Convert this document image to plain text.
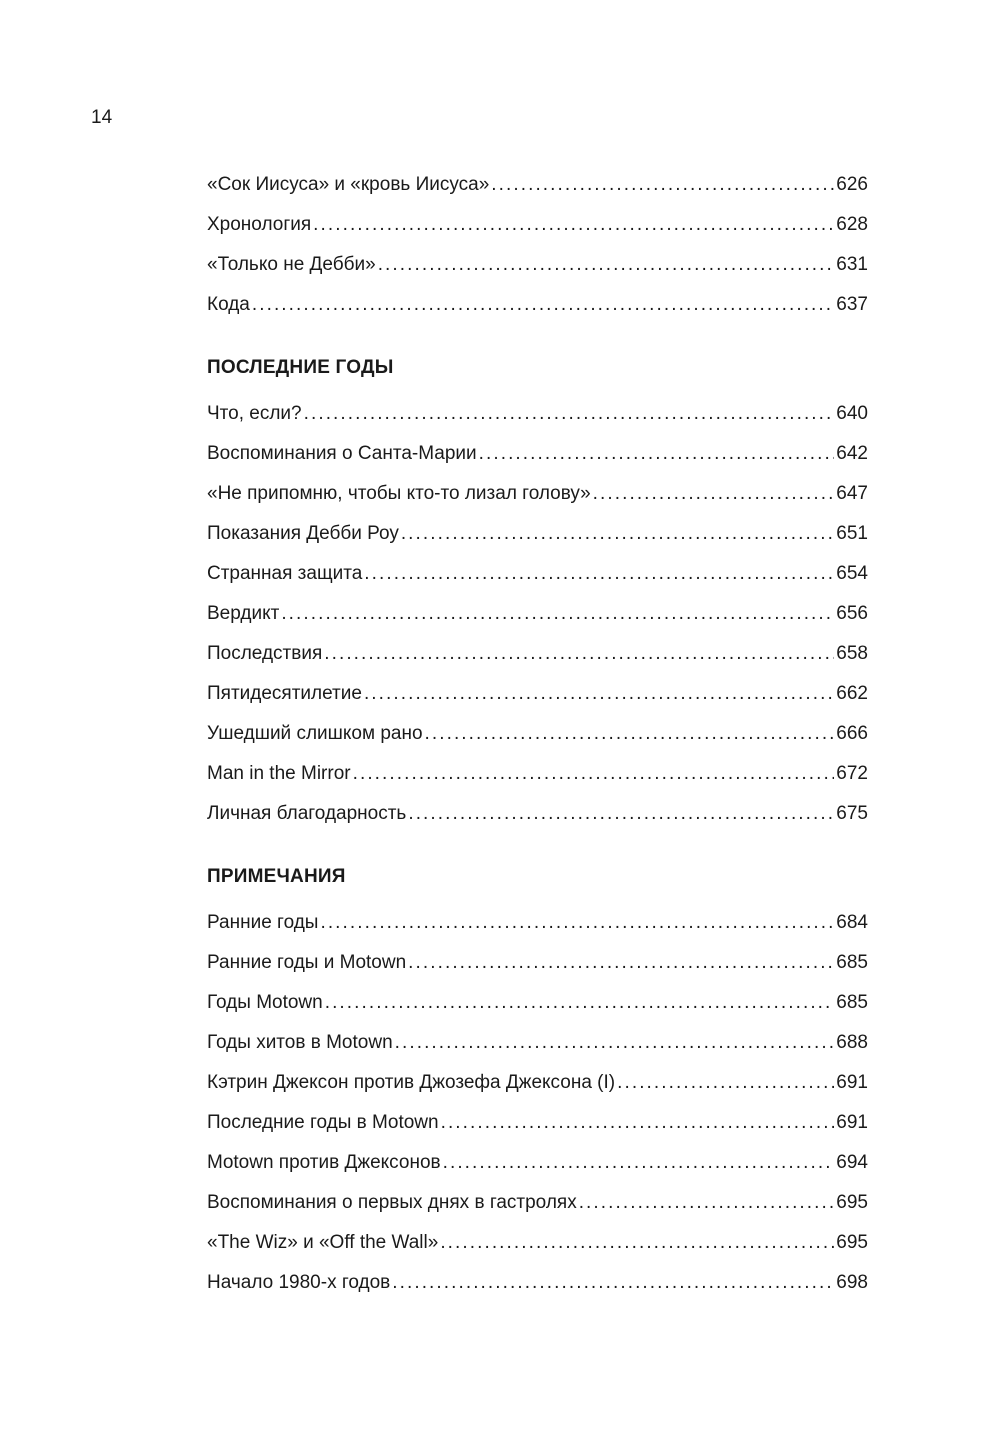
14
«Сок Иисуса» и «кровь Иисуса» . . .	626
Хронология . . .	628
«Только не Дебби» . . .	631
Кода . . .	637
ПОСЛЕДНИЕ ГОДЫ
Что, если? . . .	640
Воспоминания о Санта-Марии . . .	642
«Не припомню, чтобы кто-то лизал голову» . . .	647
Показания Дебби Роу . . .	651
Странная защита . . .	654
Вердикт . . .	656
Последствия . . .	658
Пятидесятилетие . . .	662
Ушедший слишком рано . . .	666
Man in the Mirror . . .	672
Личная благодарность . . .	675
ПРИМЕЧАНИЯ
Ранние годы . . .	684
Ранние годы и Motown . . .	685
Годы Motown . . .	685
Годы хитов в Motown . . .	688
Кэтрин Джексон против Джозефа Джексона (I) . . .	691
Последние годы в Motown . . .	691
Motown против Джексонов . . .	694
Воспоминания о первых днях в гастролях . . .	695
«The Wiz» и «Off the Wall» . . .	695
Начало 1980-х годов . . .	698
